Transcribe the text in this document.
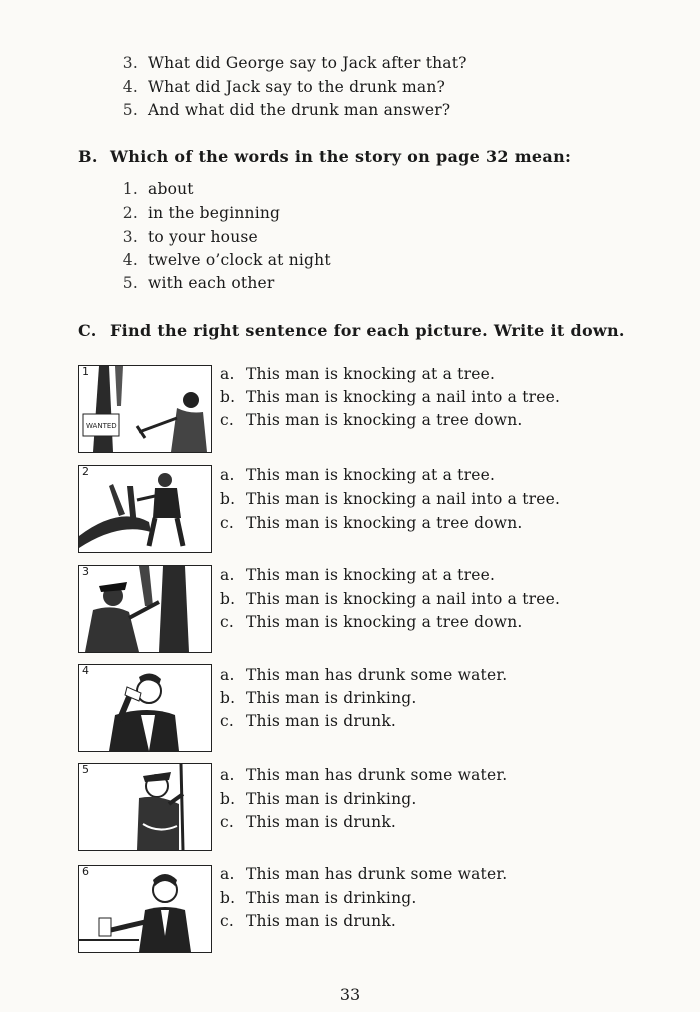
3. What did George say to Jack after that?
4. What did Jack say to the drunk man?
5. And what did the drunk man answer?
B. Which of the words in the story on page 32 mean:
1. about
2. in the beginning
3. to your house
4. twelve o’clock at night
5. with each other
C. Find the right sentence for each picture. Write it down.
WANTED
1	a. This man is knocking at a tree.
b. This man is knocking a nail into a tree.
c. This man is knocking a tree down.
2	a. This man is knocking at a tree.
b. This man is knocking a nail into a tree.
c. This man is knocking a tree down.
3	a. This man is knocking at a tree.
b. This man is knocking a nail into a tree.
c. This man is knocking a tree down.
4	a. This man has drunk some water.
b. This man is drinking.
c. This man is drunk.
5	a. This man has drunk some water.
b. This man is drinking.
c. This man is drunk.
6	a. This man has drunk some water.
b. This man is drinking.
c. This man is drunk.
33
